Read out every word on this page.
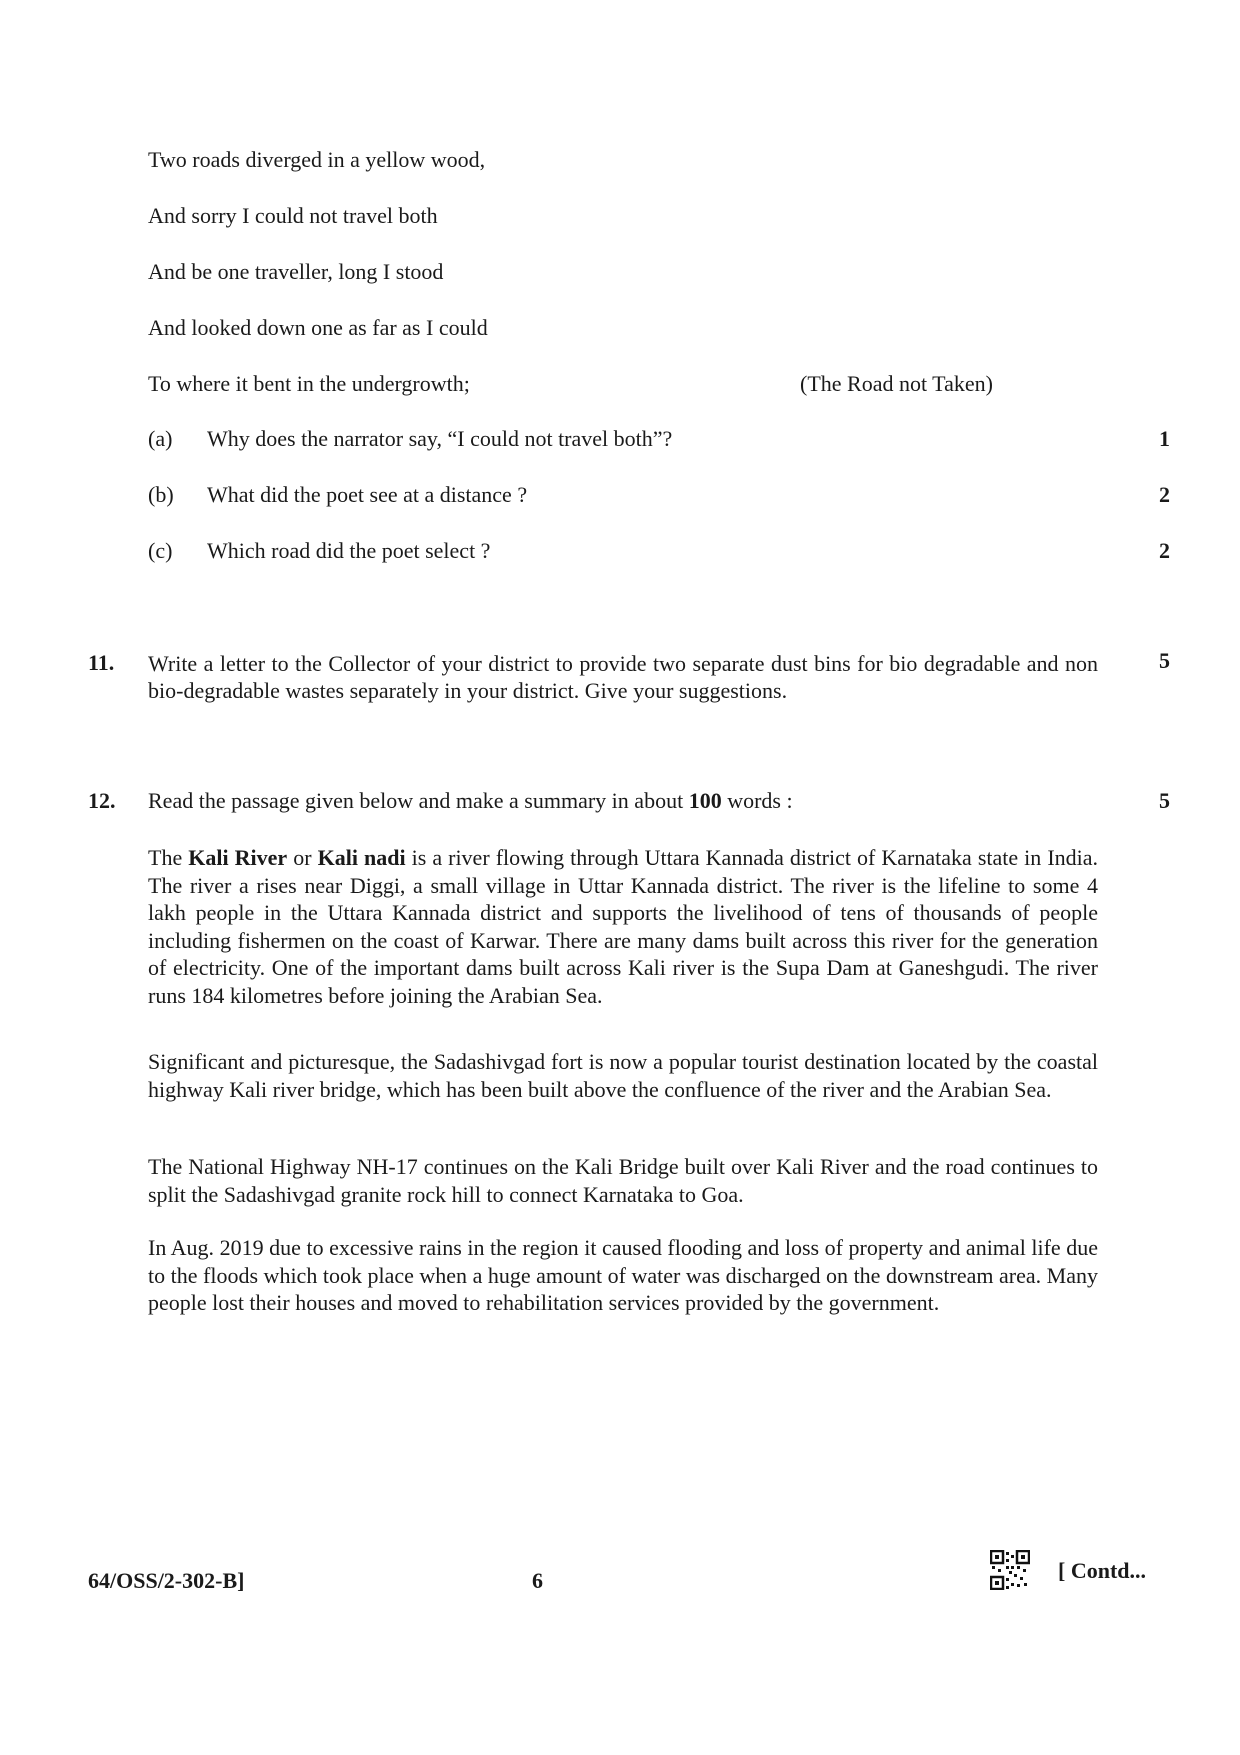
Two roads diverged in a yellow wood,
And sorry I could not travel both
And be one traveller, long I stood
And looked down one as far as I could
To where it bent in the undergrowth;	(The Road not Taken)
(a) Why does the narrator say, “I could not travel both”?	1
(b) What did the poet see at a distance ?	2
(c) Which road did the poet select ?	2
11. Write a letter to the Collector of your district to provide two separate dust bins for bio degradable and non bio-degradable wastes separately in your district. Give your suggestions.
5
12. Read the passage given below and make a summary in about 100 words :	5
The Kali River or Kali nadi is a river flowing through Uttara Kannada district of Karnataka state in India. The river a rises near Diggi, a small village in Uttar Kannada district. The river is the lifeline to some 4 lakh people in the Uttara Kannada district and supports the livelihood of tens of thousands of people including fishermen on the coast of Karwar. There are many dams built across this river for the generation of electricity. One of the important dams built across Kali river is the Supa Dam at Ganeshgudi. The river runs 184 kilometres before joining the Arabian Sea.
Significant and picturesque, the Sadashivgad fort is now a popular tourist destination located by the coastal highway Kali river bridge, which has been built above the confluence of the river and the Arabian Sea.
The National Highway NH-17 continues on the Kali Bridge built over Kali River and the road continues to split the Sadashivgad granite rock hill to connect Karnataka to Goa.
In Aug. 2019 due to excessive rains in the region it caused flooding and loss of property and animal life due to the floods which took place when a huge amount of water was discharged on the downstream area. Many people lost their houses and moved to rehabilitation services provided by the government.
64/OSS/2-302-B]	6	[ Contd...
